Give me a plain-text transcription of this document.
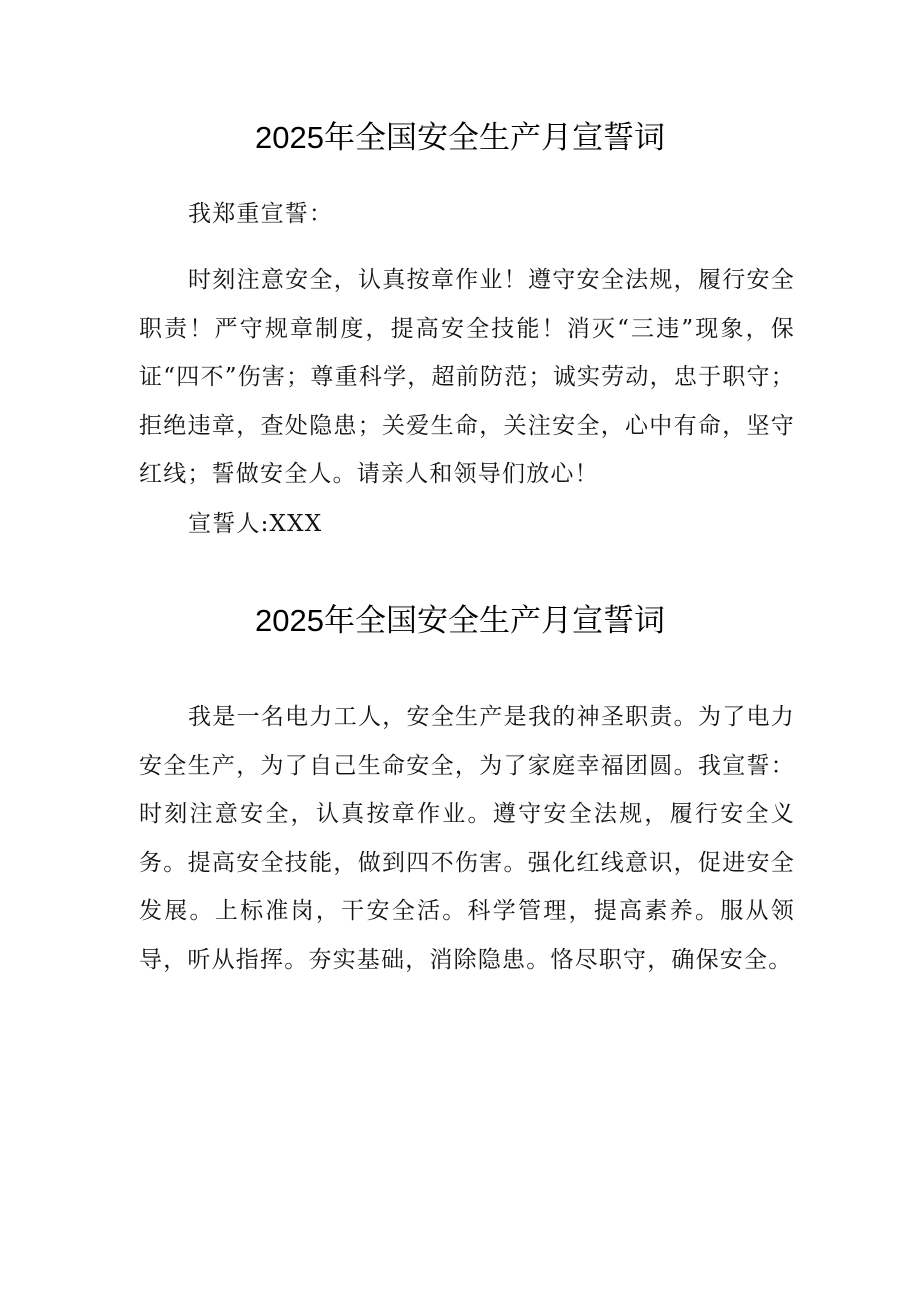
2025年全国安全生产月宣誓词

我郑重宣誓：

时刻注意安全，认真按章作业！遵守安全法规，履行安全职责！严守规章制度，提高安全技能！消灭“三违”现象，保证“四不”伤害；尊重科学，超前防范；诚实劳动，忠于职守；拒绝违章，查处隐患；关爱生命，关注安全，心中有命，坚守红线；誓做安全人。请亲人和领导们放心！

宣誓人:XXX

2025年全国安全生产月宣誓词

我是一名电力工人，安全生产是我的神圣职责。为了电力安全生产，为了自己生命安全，为了家庭幸福团圆。我宣誓：时刻注意安全，认真按章作业。遵守安全法规，履行安全义务。提高安全技能，做到四不伤害。强化红线意识，促进安全发展。上标准岗，干安全活。科学管理，提高素养。服从领导，听从指挥。夯实基础，消除隐患。恪尽职守，确保安全。
